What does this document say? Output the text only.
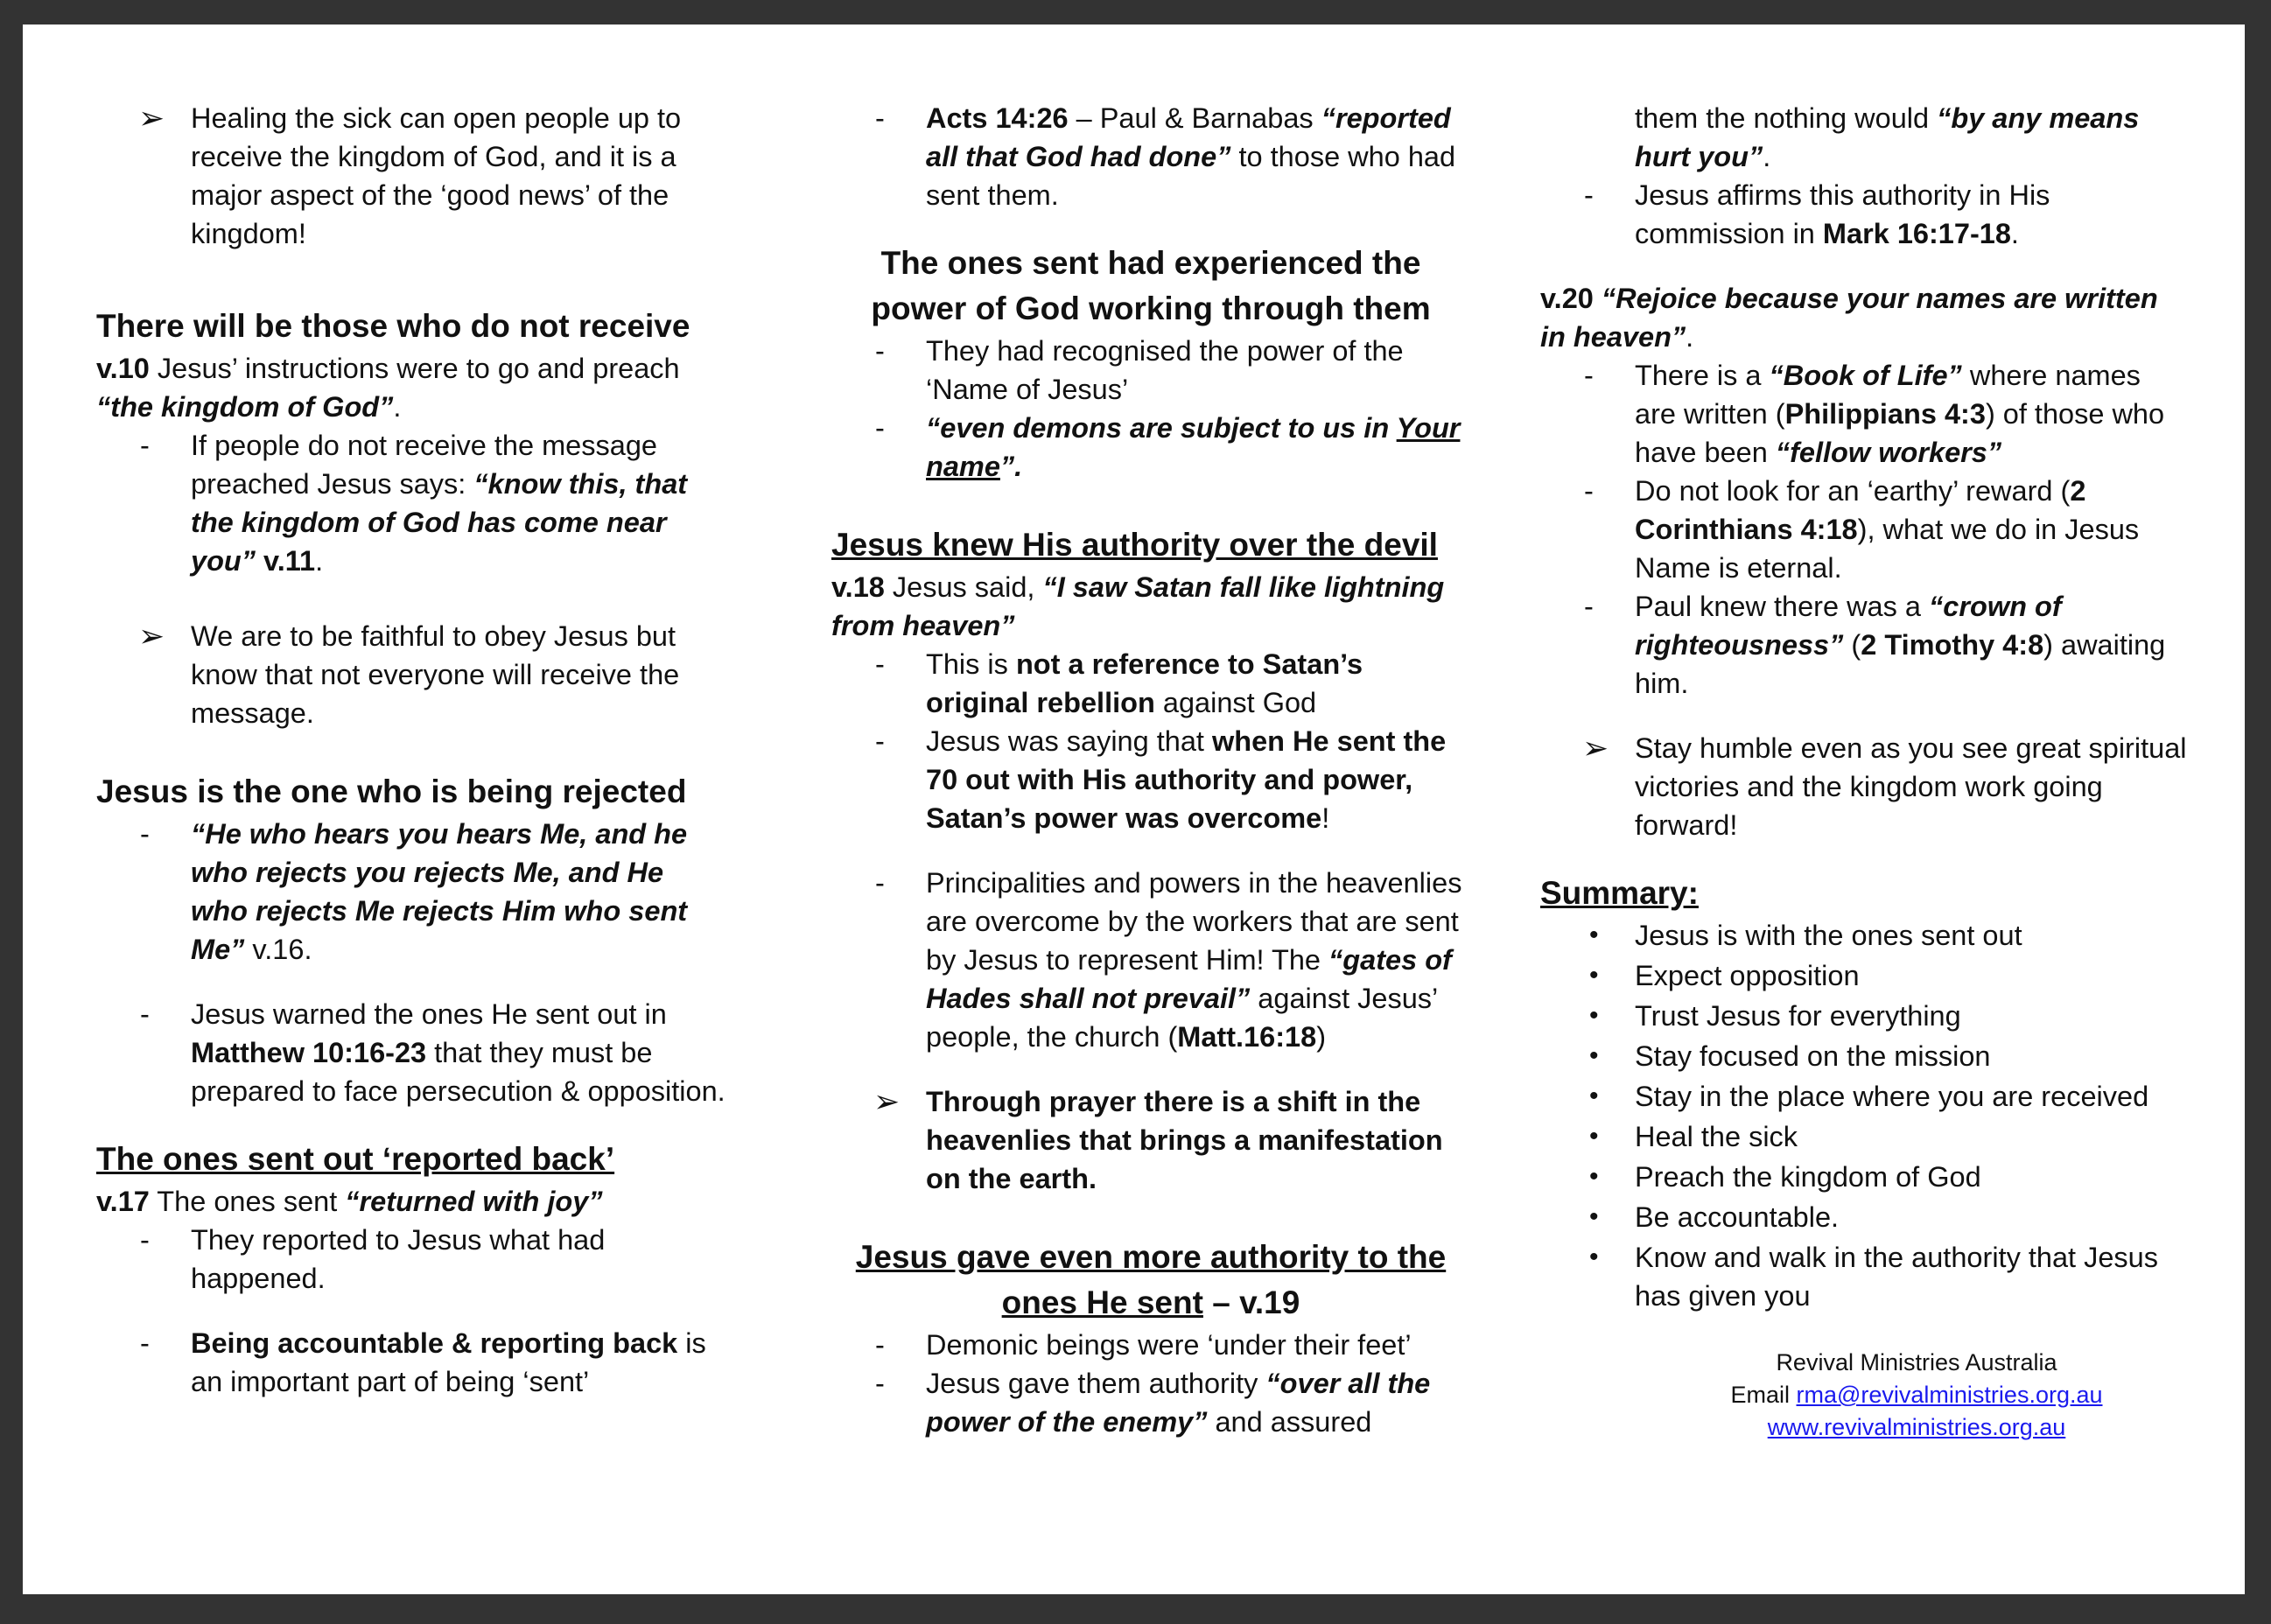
➢ Healing the sick can open people up to receive the kingdom of God, and it is a major aspect of the ‘good news’ of the kingdom!
There will be those who do not receive

v.10 Jesus’ instructions were to go and preach “the kingdom of God”.

- If people do not receive the message preached Jesus says: “know this, that the kingdom of God has come near you” v.11.
➢ We are to be faithful to obey Jesus but know that not everyone will receive the message.
Jesus is the one who is being rejected
- “He who hears you hears Me, and he who rejects you rejects Me, and He who rejects Me rejects Him who sent Me” v.16.
- Jesus warned the ones He sent out in Matthew 10:16-23 that they must be prepared to face persecution & opposition.
The ones sent out ‘reported back’

v.17 The ones sent “returned with joy”

- They reported to Jesus what had happened.
- Being accountable & reporting back is an important part of being ‘sent’
- Acts 14:26 – Paul & Barnabas “reported all that God had done” to those who had sent them.
The ones sent had experienced the power of God working through them
- They had recognised the power of the ‘Name of Jesus’
- “even demons are subject to us in Your name”.
Jesus knew His authority over the devil

v.18 Jesus said, “I saw Satan fall like lightning from heaven”

- This is not a reference to Satan’s original rebellion against God
- Jesus was saying that when He sent the 70 out with His authority and power, Satan’s power was overcome!
- Principalities and powers in the heavenlies are overcome by the workers that are sent by Jesus to represent Him! The “gates of Hades shall not prevail” against Jesus’ people, the church (Matt.16:18)
➢ Through prayer there is a shift in the heavenlies that brings a manifestation on the earth.
Jesus gave even more authority to the ones He sent – v.19
- Demonic beings were ‘under their feet’
- Jesus gave them authority “over all the power of the enemy” and assured
them the nothing would “by any means hurt you”.
- Jesus affirms this authority in His commission in Mark 16:17-18.

v.20 “Rejoice because your names are written in heaven”.

- There is a “Book of Life” where names are written (Philippians 4:3) of those who have been “fellow workers”
- Do not look for an ‘earthy’ reward (2 Corinthians 4:18), what we do in Jesus Name is eternal.
- Paul knew there was a “crown of righteousness” (2 Timothy 4:8) awaiting him.
➢ Stay humble even as you see great spiritual victories and the kingdom work going forward!
Summary:
• Jesus is with the ones sent out
• Expect opposition
• Trust Jesus for everything
• Stay focused on the mission
• Stay in the place where you are received
• Heal the sick
• Preach the kingdom of God
• Be accountable.
• Know and walk in the authority that Jesus has given you
Revival Ministries Australia
Email rma@revivalministries.org.au
www.revivalministries.org.au
